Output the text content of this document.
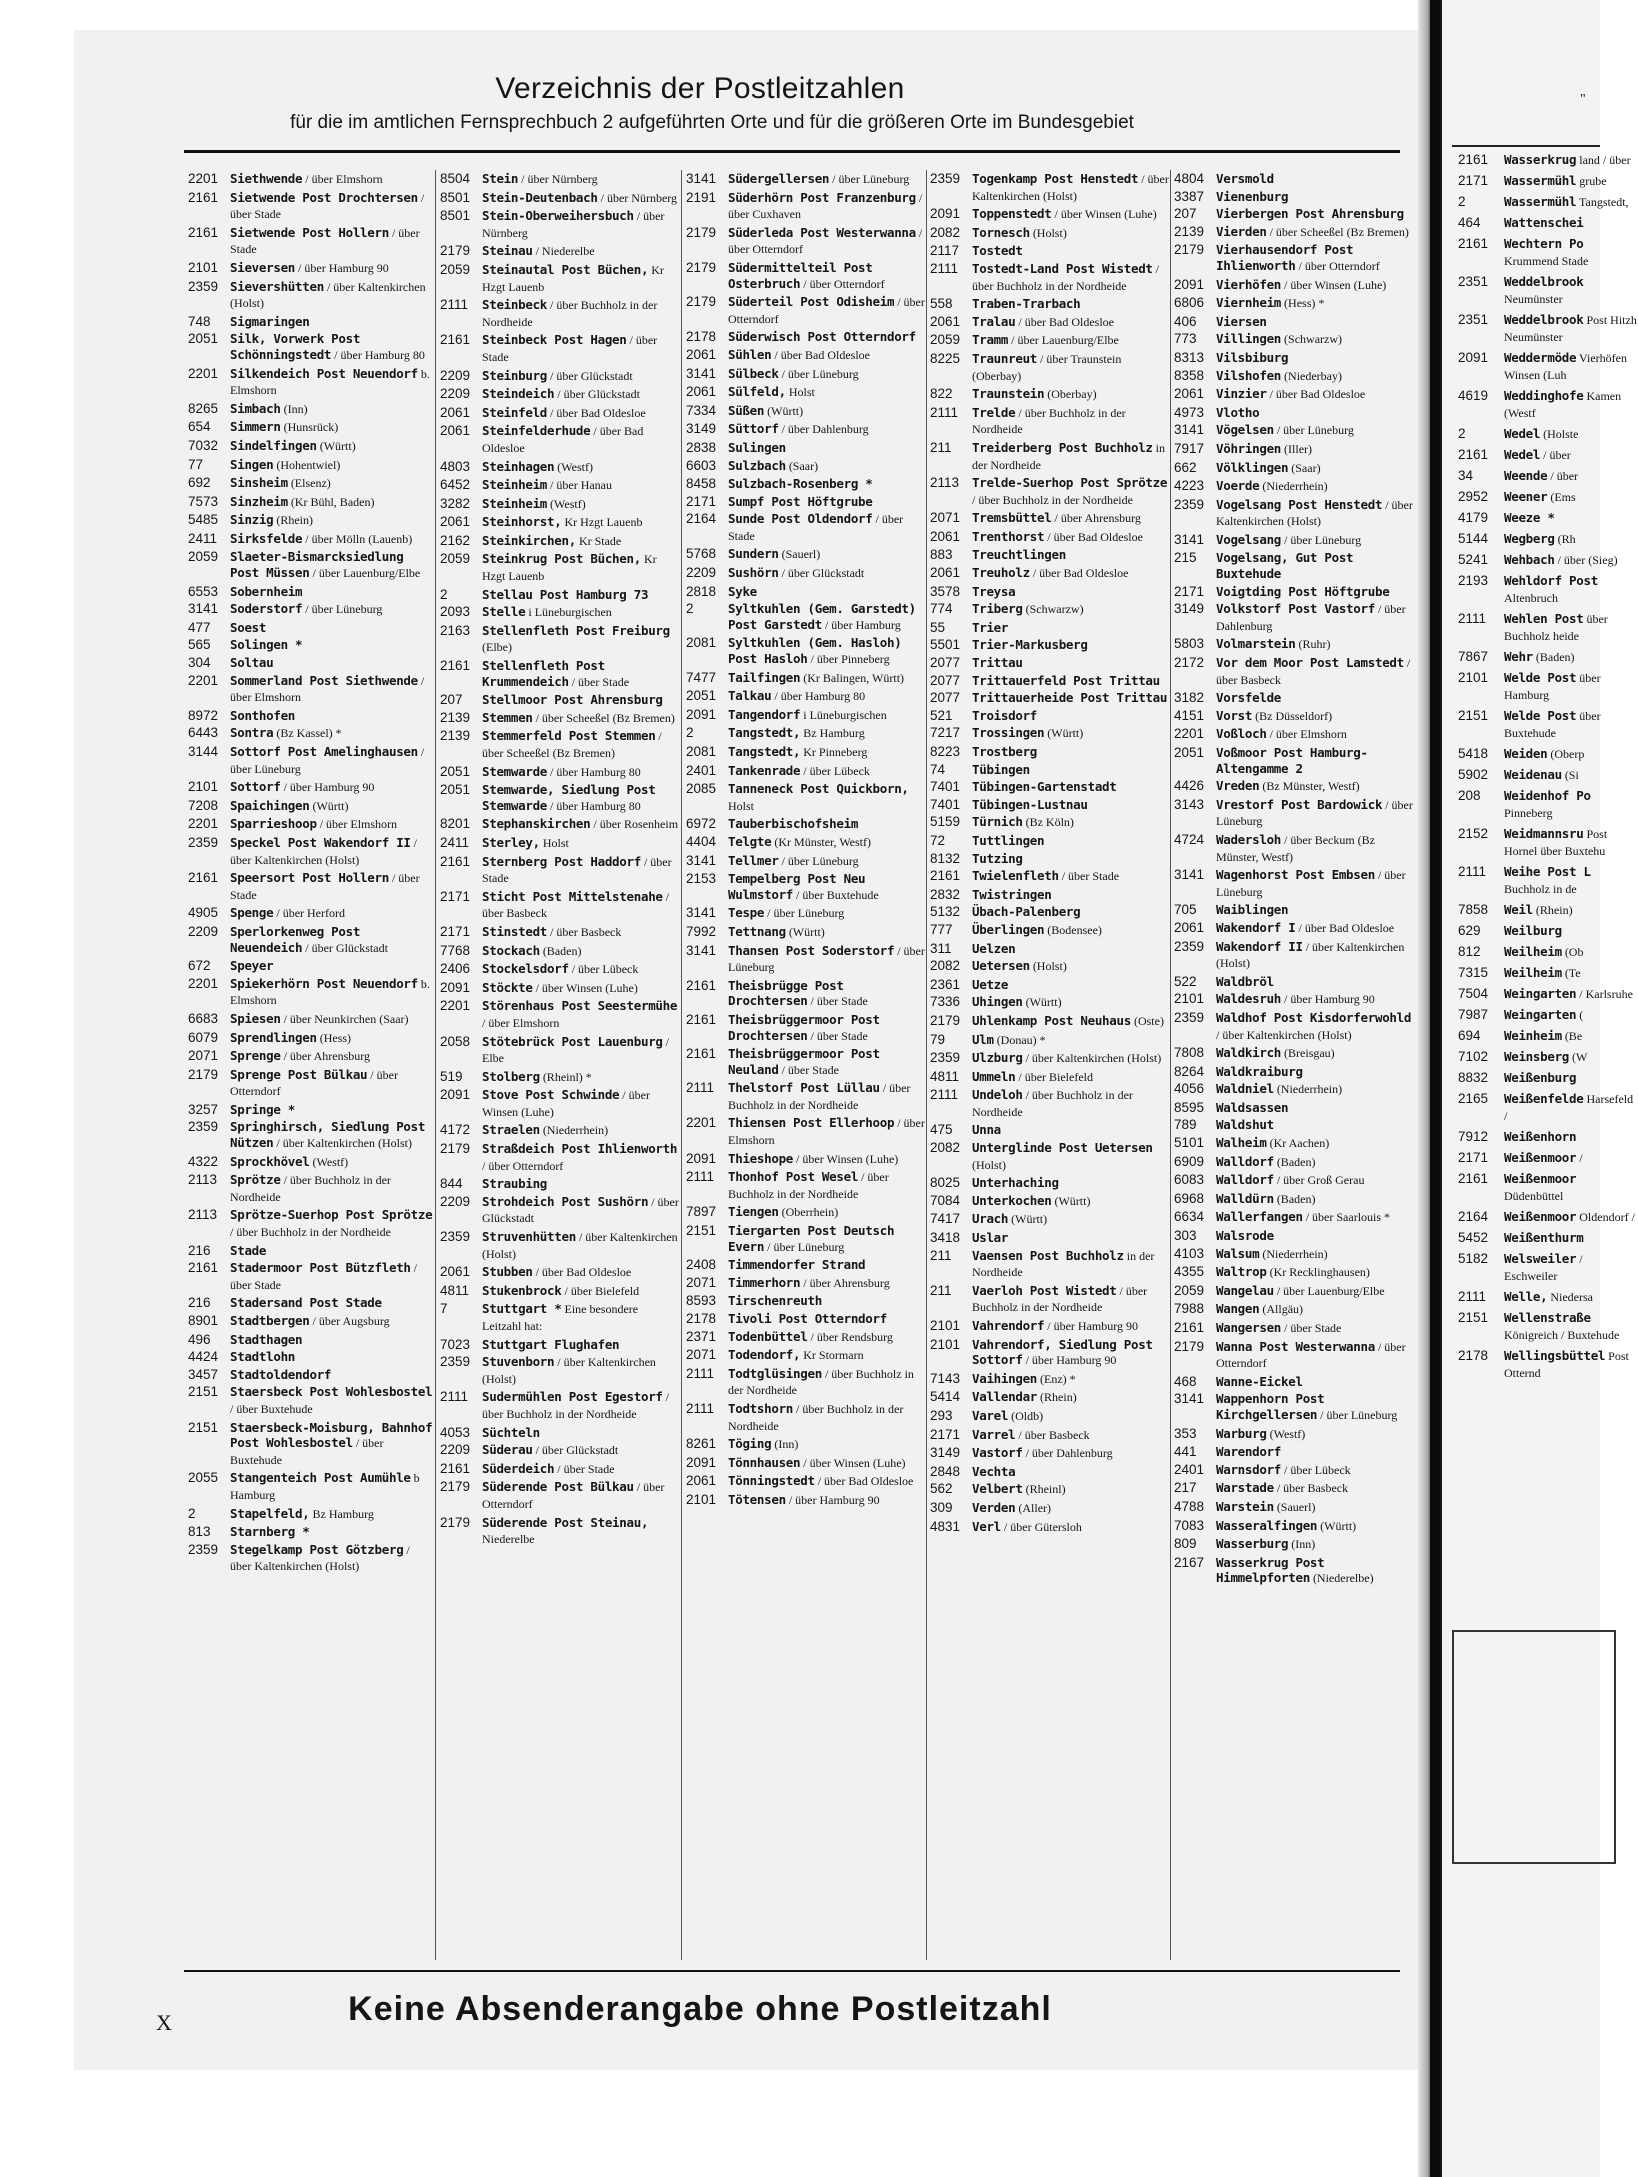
"
2161	Wasserkrug land / über
2171	Wassermühl grube
2	Wassermühl Tangstedt,
464	Wattenschei
2161	Wechtern Po Krummend Stade
2351	Weddelbrook Neumünster
2351	Weddelbrook Post Hitzh Neumünster
2091	Weddermöde Vierhöfen Winsen (Luh
4619	Weddinghofe Kamen (Westf
2	Wedel (Holste
2161	Wedel / über
34	Weende / über
2952	Weener (Ems
4179	Weeze *
5144	Wegberg (Rh
5241	Wehbach / über (Sieg)
2193	Wehldorf Post Altenbruch
2111	Wehlen Post über Buchholz heide
7867	Wehr (Baden)
2101	Welde Post über Hamburg
2151	Welde Post über Buxtehude
5418	Weiden (Oberp
5902	Weidenau (Si
208	Weidenhof Po Pinneberg
2152	Weidmannsru Post Hornel über Buxtehu
2111	Weihe Post L Buchholz in de
7858	Weil (Rhein)
629	Weilburg
812	Weilheim (Ob
7315	Weilheim (Te
7504	Weingarten / Karlsruhe
7987	Weingarten (
694	Weinheim (Be
7102	Weinsberg (W
8832	Weißenburg
2165	Weißenfelde Harsefeld /
7912	Weißenhorn
2171	Weißenmoor /
2161	Weißenmoor Düdenbüttel
2164	Weißenmoor Oldendorf /
5452	Weißenthurm
5182	Welsweiler / Eschweiler
2111	Welle, Niedersa
2151	Wellenstraße Königreich / Buxtehude
2178	Wellingsbüttel Post Otternd
Verzeichnis der Postleitzahlen
für die im amtlichen Fernsprechbuch 2 aufgeführten Orte und für die größeren Orte im Bundesgebiet
2201 Siethwende / über Elmshorn
2161 Sietwende Post Drochtersen / über Stade
2161 Sietwende Post Hollern / über Stade
2101 Sieversen / über Hamburg 90
2359 Sievershütten / über Kaltenkirchen (Holst)
748	Sigmaringen
2051 Silk, Vorwerk Post Schönningstedt / über Hamburg 80
2201 Silkendeich Post Neuendorf b. Elmshorn
8265 Simbach (Inn)
654	Simmern (Hunsrück)
7032 Sindelfingen (Württ)
77	Singen (Hohentwiel)
692	Sinsheim (Elsenz)
7573 Sinzheim (Kr Bühl, Baden)
5485 Sinzig (Rhein)
2411	Sirksfelde / über Mölln (Lauenb)
2059 Slaeter-Bismarcksiedlung Post Müssen / über Lauenburg/Elbe
6553 Sobernheim
3141 Soderstorf / über Lüneburg
477	Soest
565	Solingen *
304	Soltau
2201 Sommerland Post Siethwende / über Elmshorn
8972 Sonthofen
6443 Sontra (Bz Kassel) *
3144 Sottorf Post Amelinghausen / über Lüneburg
2101 Sottorf / über Hamburg 90
7208 Spaichingen (Württ)
2201 Sparrieshoop / über Elmshorn
2359 Speckel Post Wakendorf II / über Kaltenkirchen (Holst)
2161 Speersort Post Hollern / über Stade
4905 Spenge / über Herford
2209 Sperlorkenweg Post Neuendeich / über Glückstadt
672	Speyer
2201 Spiekerhörn Post Neuendorf b. Elmshorn
6683 Spiesen / über Neunkirchen (Saar)
6079 Sprendlingen (Hess)
2071 Sprenge / über Ahrensburg
2179 Sprenge Post Bülkau / über Otterndorf
3257 Springe *
2359 Springhirsch, Siedlung Post Nützen / über Kaltenkirchen (Holst)
4322 Sprockhövel (Westf)
2113	Sprötze / über Buchholz in der Nordheide
2113	Sprötze-Suerhop Post Sprötze / über Buchholz in der Nordheide
216	Stade
2161 Stadermoor Post Bützfleth / über Stade
216	Stadersand Post Stade
8901 Stadtbergen / über Augsburg
496	Stadthagen
4424 Stadtlohn
3457 Stadtoldendorf
2151 Staersbeck Post Wohlesbostel / über Buxtehude
2151 Staersbeck-Moisburg, Bahnhof Post Wohlesbostel / über Buxtehude
2055 Stangenteich Post Aumühle b Hamburg
2	Stapelfeld, Bz Hamburg
813	Starnberg *
2359 Stegelkamp Post Götzberg / über Kaltenkirchen (Holst)
8504 Stein / über Nürnberg
8501 Stein-Deutenbach / über Nürnberg
8501 Stein-Oberweihersbuch / über Nürnberg
2179 Steinau / Niederelbe
2059 Steinautal Post Büchen, Kr Hzgt Lauenb
2111	Steinbeck / über Buchholz in der Nordheide
2161 Steinbeck Post Hagen / über Stade
2209 Steinburg / über Glückstadt
2209 Steindeich / über Glückstadt
2061 Steinfeld / über Bad Oldesloe
2061 Steinfelderhude / über Bad Oldesloe
4803 Steinhagen (Westf)
6452 Steinheim / über Hanau
3282 Steinheim (Westf)
2061 Steinhorst, Kr Hzgt Lauenb
2162 Steinkirchen, Kr Stade
2059 Steinkrug Post Büchen, Kr Hzgt Lauenb
2	Stellau Post Hamburg 73
2093 Stelle i Lüneburgischen
2163 Stellenfleth Post Freiburg (Elbe)
2161 Stellenfleth Post Krummendeich / über Stade
207	Stellmoor Post Ahrensburg
2139 Stemmen / über Scheeßel (Bz Bremen)
2139 Stemmerfeld Post Stemmen / über Scheeßel (Bz Bremen)
2051 Stemwarde / über Hamburg 80
2051 Stemwarde, Siedlung Post Stemwarde / über Hamburg 80
8201 Stephanskirchen / über Rosenheim
2411	Sterley, Holst
2161 Sternberg Post Haddorf / über Stade
2171 Sticht Post Mittelstenahe / über Basbeck
2171 Stinstedt / über Basbeck
7768 Stockach (Baden)
2406 Stockelsdorf / über Lübeck
2091 Stöckte / über Winsen (Luhe)
2201 Störenhaus Post Seestermühe / über Elmshorn
2058 Stötebrück Post Lauenburg / Elbe
519	Stolberg (Rheinl) *
2091 Stove Post Schwinde / über Winsen (Luhe)
4172 Straelen (Niederrhein)
2179 Straßdeich Post Ihlienworth / über Otterndorf
844	Straubing
2209 Strohdeich Post Sushörn / über Glückstadt
2359 Struvenhütten / über Kaltenkirchen (Holst)
2061 Stubben / über Bad Oldesloe
4811	Stukenbrock / über Bielefeld
7	Stuttgart * Eine besondere Leitzahl hat:
7023 Stuttgart Flughafen
2359 Stuvenborn / über Kaltenkirchen (Holst)
2111	Sudermühlen Post Egestorf / über Buchholz in der Nordheide
4053 Süchteln
2209 Süderau / über Glückstadt
2161 Süderdeich / über Stade
2179 Süderende Post Bülkau / über Otterndorf
2179 Süderende Post Steinau, Niederelbe
3141 Südergellersen / über Lüneburg
2191 Süderhörn Post Franzenburg / über Cuxhaven
2179 Süderleda Post Westerwanna / über Otterndorf
2179 Südermittelteil Post Osterbruch / über Otterndorf
2179 Süderteil Post Odisheim / über Otterndorf
2178 Süderwisch Post Otterndorf
2061 Sühlen / über Bad Oldesloe
3141 Sülbeck / über Lüneburg
2061 Sülfeld, Holst
7334 Süßen (Württ)
3149 Süttorf / über Dahlenburg
2838 Sulingen
6603 Sulzbach (Saar)
8458 Sulzbach-Rosenberg *
2171 Sumpf Post Höftgrube
2164 Sunde Post Oldendorf / über Stade
5768 Sundern (Sauerl)
2209 Sushörn / über Glückstadt
2818 Syke
2	Syltkuhlen (Gem. Garstedt) Post Garstedt / über Hamburg
2081 Syltkuhlen (Gem. Hasloh) Post Hasloh / über Pinneberg
7477 Tailfingen (Kr Balingen, Württ)
2051 Talkau / über Hamburg 80
2091 Tangendorf i Lüneburgischen
2	Tangstedt, Bz Hamburg
2081 Tangstedt, Kr Pinneberg
2401 Tankenrade / über Lübeck
2085 Tanneneck Post Quickborn, Holst
6972 Tauberbischofsheim
4404 Telgte (Kr Münster, Westf)
3141 Tellmer / über Lüneburg
2153 Tempelberg Post Neu Wulmstorf / über Buxtehude
3141 Tespe / über Lüneburg
7992 Tettnang (Württ)
3141 Thansen Post Soderstorf / über Lüneburg
2161 Theisbrügge Post Drochtersen / über Stade
2161 Theisbrüggermoor Post Drochtersen / über Stade
2161 Theisbrüggermoor Post Neuland / über Stade
2111	Thelstorf Post Lüllau / über Buchholz in der Nordheide
2201 Thiensen Post Ellerhoop / über Elmshorn
2091 Thieshope / über Winsen (Luhe)
2111	Thonhof Post Wesel / über Buchholz in der Nordheide
7897 Tiengen (Oberrhein)
2151 Tiergarten Post Deutsch Evern / über Lüneburg
2408 Timmendorfer Strand
2071 Timmerhorn / über Ahrensburg
8593 Tirschenreuth
2178 Tivoli Post Otterndorf
2371 Todenbüttel / über Rendsburg
2071 Todendorf, Kr Stormarn
2111	Todtglüsingen / über Buchholz in der Nordheide
2111	Todtshorn / über Buchholz in der Nordheide
8261 Töging (Inn)
2091 Tönnhausen / über Winsen (Luhe)
2061 Tönningstedt / über Bad Oldesloe
2101 Tötensen / über Hamburg 90
2359 Togenkamp Post Henstedt / über Kaltenkirchen (Holst)
2091 Toppenstedt / über Winsen (Luhe)
2082 Tornesch (Holst)
2117	Tostedt
2111	Tostedt-Land Post Wistedt / über Buchholz in der Nordheide
558	Traben-Trarbach
2061 Tralau / über Bad Oldesloe
2059 Tramm / über Lauenburg/Elbe
8225 Traunreut / über Traunstein (Oberbay)
822	Traunstein (Oberbay)
2111	Trelde / über Buchholz in der Nordheide
211	Treiderberg Post Buchholz in der Nordheide
2113	Trelde-Suerhop Post Sprötze / über Buchholz in der Nordheide
2071 Tremsbüttel / über Ahrensburg
2061 Trenthorst / über Bad Oldesloe
883	Treuchtlingen
2061 Treuholz / über Bad Oldesloe
3578 Treysa
774	Triberg (Schwarzw)
55	Trier
5501 Trier-Markusberg
2077 Trittau
2077 Trittauerfeld Post Trittau
2077 Trittauerheide Post Trittau
521	Troisdorf
7217 Trossingen (Württ)
8223 Trostberg
74	Tübingen
7401 Tübingen-Gartenstadt
7401 Tübingen-Lustnau
5159 Türnich (Bz Köln)
72	Tuttlingen
8132 Tutzing
2161 Twielenfleth / über Stade
2832 Twistringen
5132 Übach-Palenberg
777	Überlingen (Bodensee)
311	Uelzen
2082 Uetersen (Holst)
2361 Uetze
7336 Uhingen (Württ)
2179 Uhlenkamp Post Neuhaus (Oste)
79	Ulm (Donau) *
2359 Ulzburg / über Kaltenkirchen (Holst)
4811	Ummeln / über Bielefeld
2111	Undeloh / über Buchholz in der Nordheide
475	Unna
2082 Unterglinde Post Uetersen (Holst)
8025 Unterhaching
7084 Unterkochen (Württ)
7417 Urach (Württ)
3418 Uslar
211	Vaensen Post Buchholz in der Nordheide
211	Vaerloh Post Wistedt / über Buchholz in der Nordheide
2101 Vahrendorf / über Hamburg 90
2101 Vahrendorf, Siedlung Post Sottorf / über Hamburg 90
7143 Vaihingen (Enz) *
5414 Vallendar (Rhein)
293	Varel (Oldb)
2171 Varrel / über Basbeck
3149 Vastorf / über Dahlenburg
2848 Vechta
562	Velbert (Rheinl)
309	Verden (Aller)
4831 Verl / über Gütersloh
4804 Versmold
3387 Vienenburg
207	Vierbergen Post Ahrensburg
2139 Vierden / über Scheeßel (Bz Bremen)
2179 Vierhausendorf Post Ihlienworth / über Otterndorf
2091 Vierhöfen / über Winsen (Luhe)
6806 Viernheim (Hess) *
406	Viersen
773	Villingen (Schwarzw)
8313 Vilsbiburg
8358 Vilshofen (Niederbay)
2061 Vinzier / über Bad Oldesloe
4973 Vlotho
3141 Vögelsen / über Lüneburg
7917 Vöhringen (Iller)
662	Völklingen (Saar)
4223 Voerde (Niederrhein)
2359 Vogelsang Post Henstedt / über Kaltenkirchen (Holst)
3141 Vogelsang / über Lüneburg
215	Vogelsang, Gut Post Buxtehude
2171 Voigtding Post Höftgrube
3149 Volkstorf Post Vastorf / über Dahlenburg
5803 Volmarstein (Ruhr)
2172 Vor dem Moor Post Lamstedt / über Basbeck
3182 Vorsfelde
4151 Vorst (Bz Düsseldorf)
2201 Voßloch / über Elmshorn
2051 Voßmoor Post Hamburg-Altengamme 2
4426 Vreden (Bz Münster, Westf)
3143 Vrestorf Post Bardowick / über Lüneburg
4724 Wadersloh / über Beckum (Bz Münster, Westf)
3141 Wagenhorst Post Embsen / über Lüneburg
705	Waiblingen
2061 Wakendorf I / über Bad Oldesloe
2359 Wakendorf II / über Kaltenkirchen (Holst)
522	Waldbröl
2101 Waldesruh / über Hamburg 90
2359 Waldhof Post Kisdorferwohld / über Kaltenkirchen (Holst)
7808 Waldkirch (Breisgau)
8264 Waldkraiburg
4056 Waldniel (Niederrhein)
8595 Waldsassen
789	Waldshut
5101 Walheim (Kr Aachen)
6909 Walldorf (Baden)
6083 Walldorf / über Groß Gerau
6968 Walldürn (Baden)
6634 Wallerfangen / über Saarlouis *
303	Walsrode
4103 Walsum (Niederrhein)
4355 Waltrop (Kr Recklinghausen)
2059 Wangelau / über Lauenburg/Elbe
7988 Wangen (Allgäu)
2161 Wangersen / über Stade
2179 Wanna Post Westerwanna / über Otterndorf
468	Wanne-Eickel
3141 Wappenhorn Post Kirchgellersen / über Lüneburg
353	Warburg (Westf)
441	Warendorf
2401 Warnsdorf / über Lübeck
217	Warstade / über Basbeck
4788 Warstein (Sauerl)
7083 Wasseralfingen (Württ)
809	Wasserburg (Inn)
2167 Wasserkrug Post Himmelpforten (Niederelbe)
X	Keine Absenderangabe ohne Postleitzahl
